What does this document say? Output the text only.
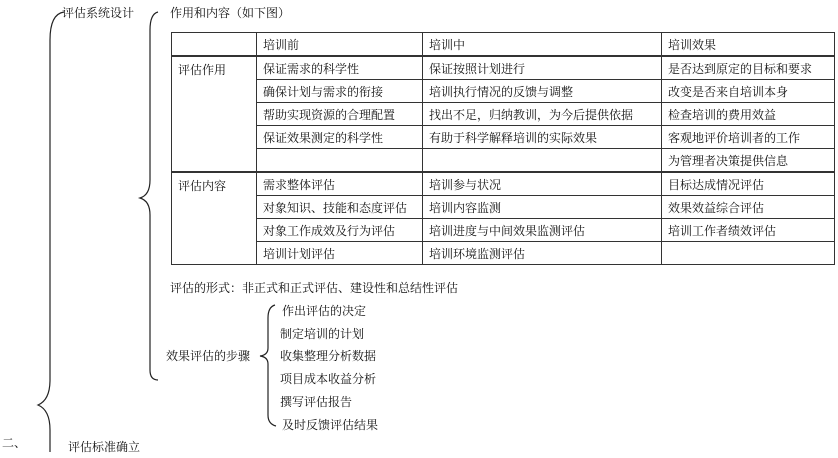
评估系统设计	作用和内容（如下图）
	培训前	培训中	培训效果
评估作用	保证需求的科学性	保证按照计划进行	是否达到原定的目标和要求
	确保计划与需求的衔接	培训执行情况的反馈与调整	改变是否来自培训本身
	帮助实现资源的合理配置	找出不足，归纳教训，为今后提供依据	检查培训的费用效益
	保证效果测定的科学性	有助于科学解释培训的实际效果	客观地评价培训者的工作
			为管理者决策提供信息
评估内容	需求整体评估	培训参与状况	目标达成情况评估
	对象知识、技能和态度评估	培训内容监测	效果效益综合评估
	对象工作成效及行为评估	培训进度与中间效果监测评估	培训工作者绩效评估
	培训计划评估	培训环境监测评估	
评估的形式：非正式和正式评估、建设性和总结性评估
效果评估的步骤
作出评估的决定
制定培训的计划
收集整理分析数据
项目成本收益分析
撰写评估报告
及时反馈评估结果
二、	评估标准确立
